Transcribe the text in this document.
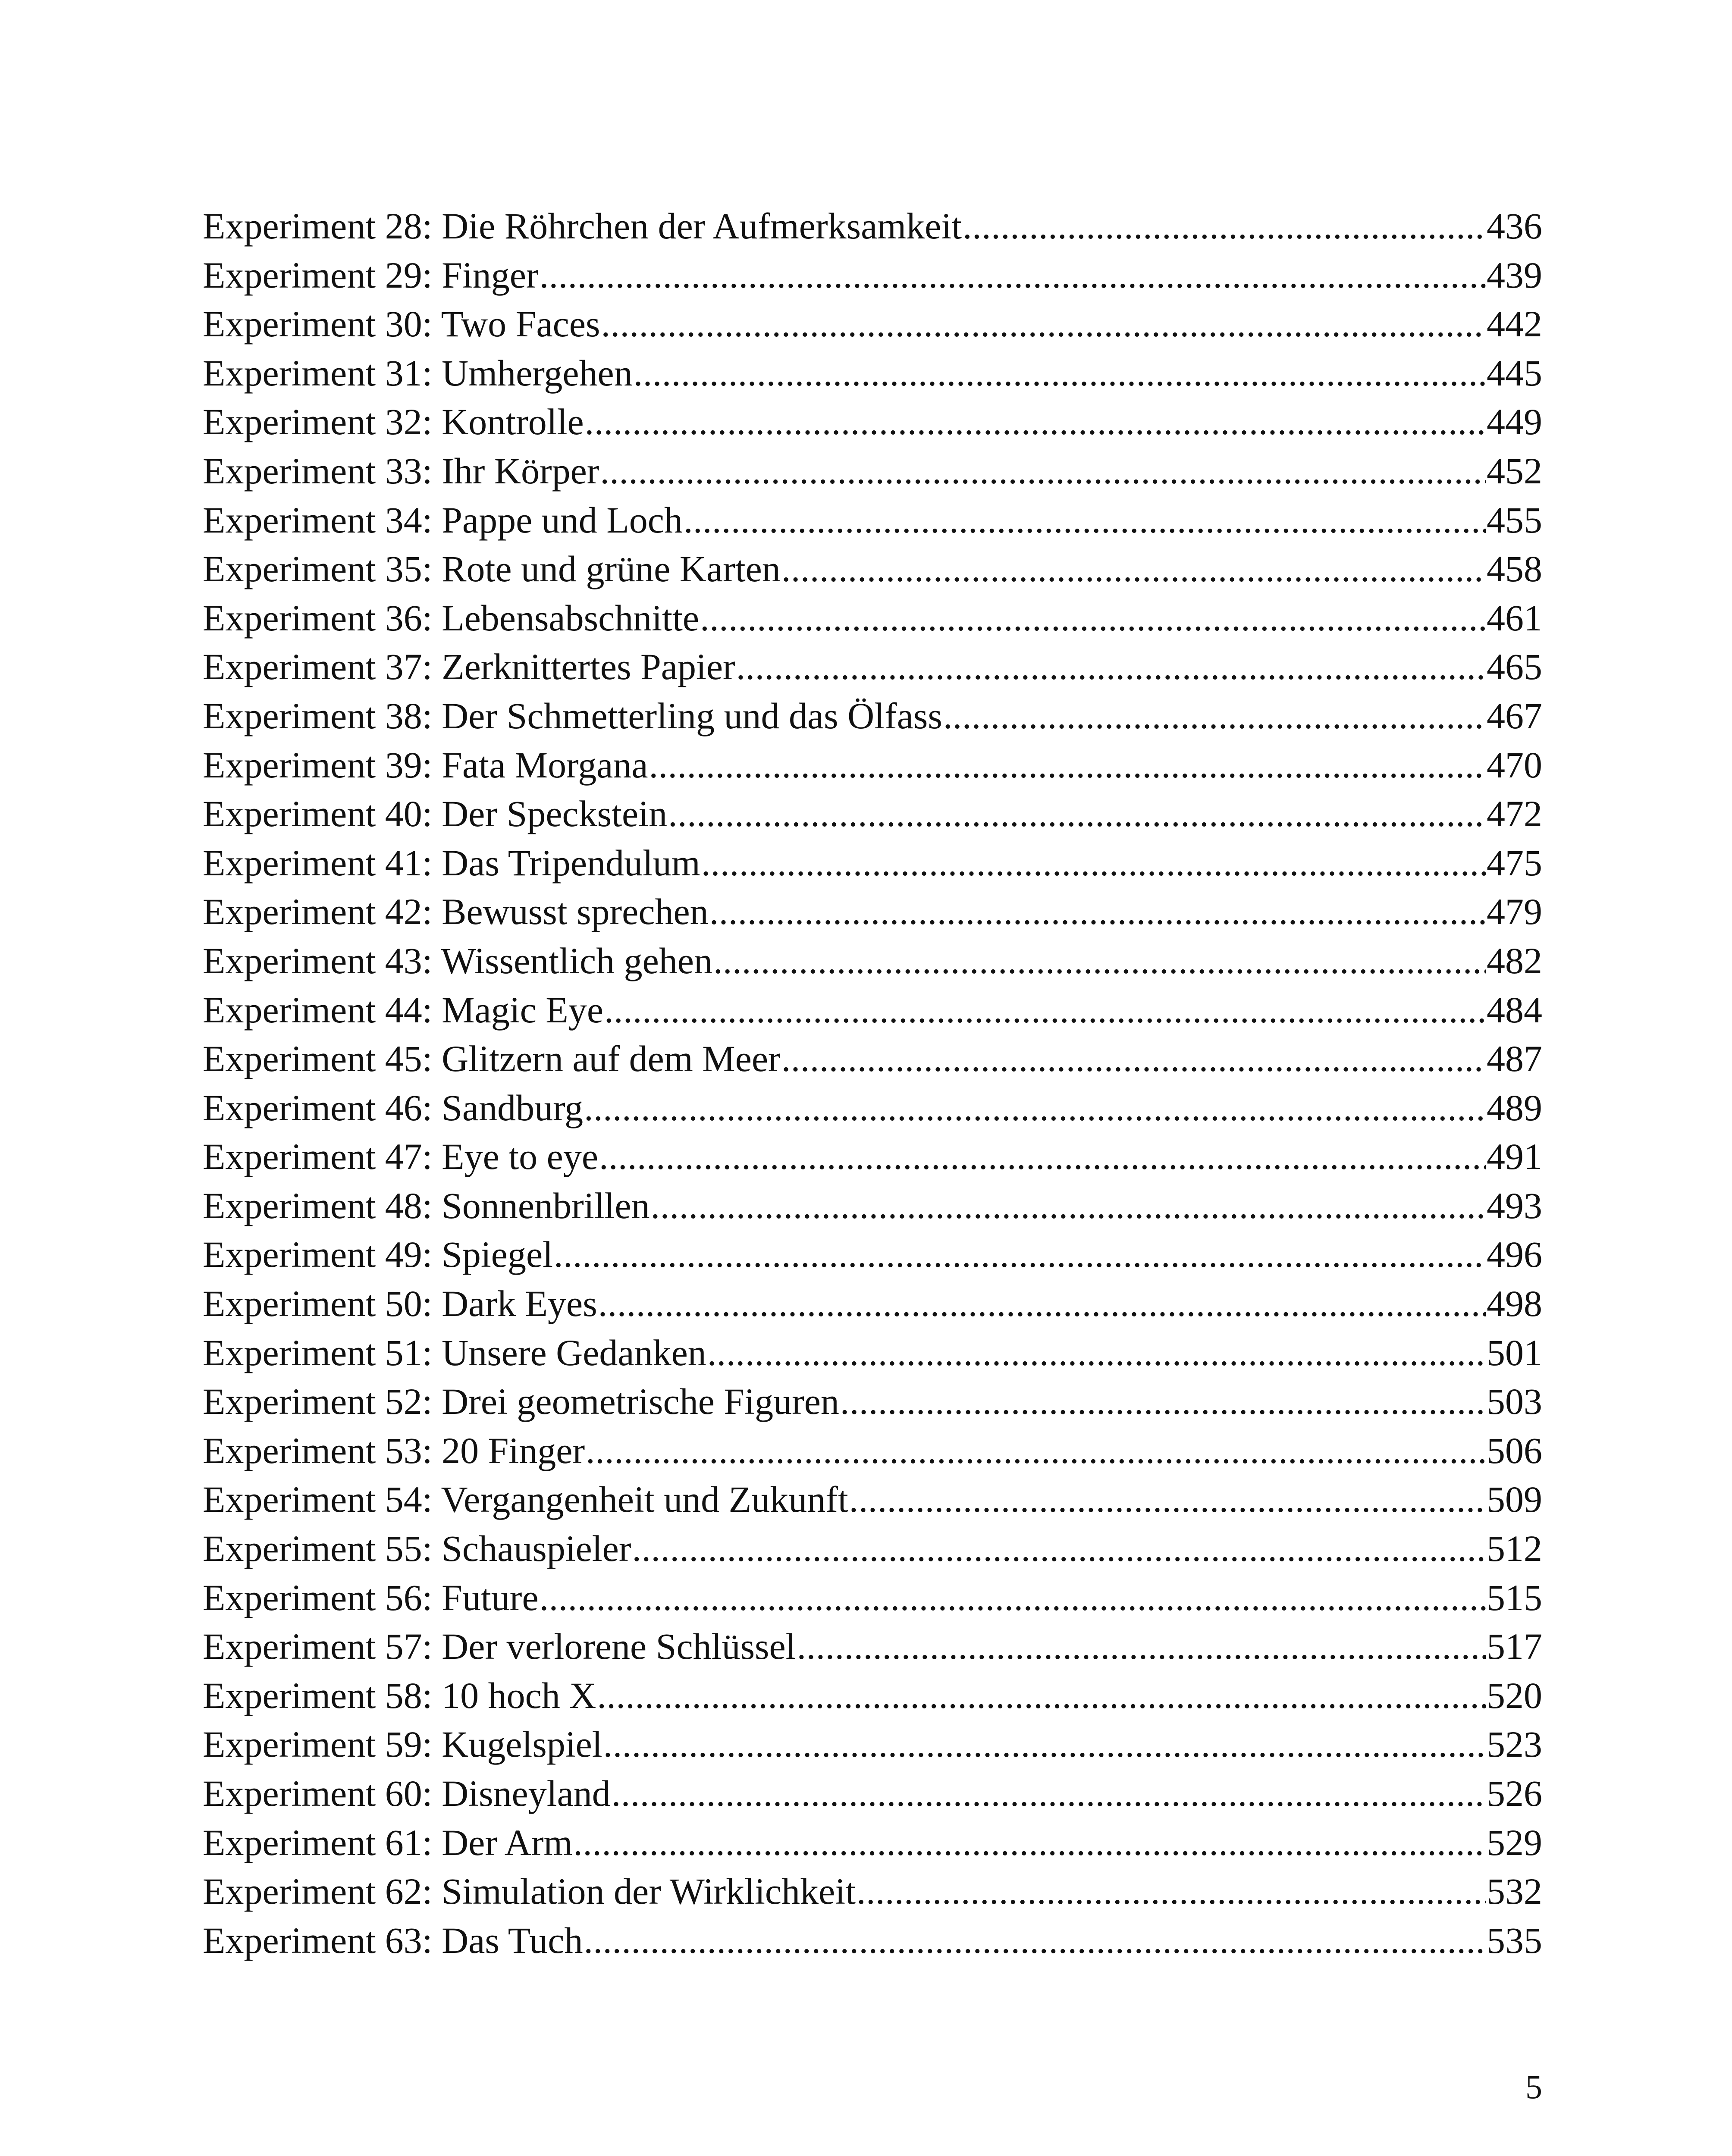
Experiment 28: Die Röhrchen der Aufmerksamkeit .....	436
Experiment 29: Finger .....	439
Experiment 30: Two Faces .....	442
Experiment 31: Umhergehen .....	445
Experiment 32: Kontrolle .....	449
Experiment 33: Ihr Körper .....	452
Experiment 34: Pappe und Loch .....	455
Experiment 35: Rote und grüne Karten .....	458
Experiment 36: Lebensabschnitte .....	461
Experiment 37: Zerknittertes Papier .....	465
Experiment 38: Der Schmetterling und das Ölfass .....	467
Experiment 39: Fata Morgana .....	470
Experiment 40: Der Speckstein .....	472
Experiment 41: Das Tripendulum .....	475
Experiment 42: Bewusst sprechen .....	479
Experiment 43: Wissentlich gehen .....	482
Experiment 44: Magic Eye .....	484
Experiment 45: Glitzern auf dem Meer .....	487
Experiment 46: Sandburg .....	489
Experiment 47: Eye to eye .....	491
Experiment 48: Sonnenbrillen .....	493
Experiment 49: Spiegel .....	496
Experiment 50: Dark Eyes .....	498
Experiment 51: Unsere Gedanken .....	501
Experiment 52: Drei geometrische Figuren .....	503
Experiment 53: 20 Finger .....	506
Experiment 54: Vergangenheit und Zukunft .....	509
Experiment 55: Schauspieler .....	512
Experiment 56: Future .....	515
Experiment 57: Der verlorene Schlüssel .....	517
Experiment 58: 10 hoch X .....	520
Experiment 59: Kugelspiel .....	523
Experiment 60: Disneyland .....	526
Experiment 61: Der Arm .....	529
Experiment 62: Simulation der Wirklichkeit .....	532
Experiment 63: Das Tuch .....	535
5
